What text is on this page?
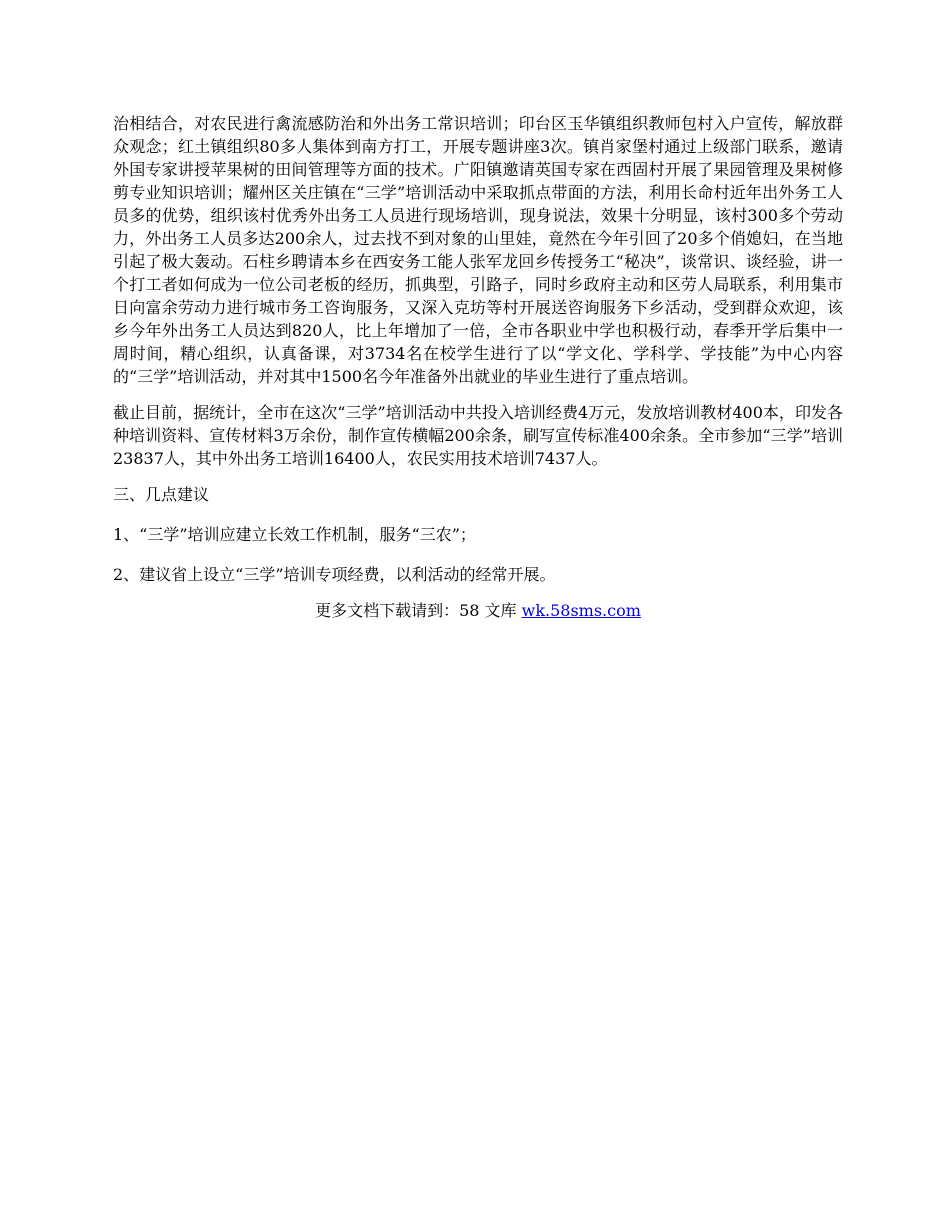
治相结合，对农民进行禽流感防治和外出务工常识培训；印台区玉华镇组织教师包村入户宣传，解放群众观念；红土镇组织80多人集体到南方打工，开展专题讲座3次。镇肖家堡村通过上级部门联系，邀请外国专家讲授苹果树的田间管理等方面的技术。广阳镇邀请英国专家在西固村开展了果园管理及果树修剪专业知识培训；耀州区关庄镇在“三学”培训活动中采取抓点带面的方法，利用长命村近年出外务工人员多的优势，组织该村优秀外出务工人员进行现场培训，现身说法，效果十分明显，该村300多个劳动力，外出务工人员多达200余人，过去找不到对象的山里娃，竟然在今年引回了20多个俏媳妇，在当地引起了极大轰动。石柱乡聘请本乡在西安务工能人张军龙回乡传授务工“秘决”，谈常识、谈经验，讲一个打工者如何成为一位公司老板的经历，抓典型，引路子，同时乡政府主动和区劳人局联系，利用集市日向富余劳动力进行城市务工咨询服务，又深入克坊等村开展送咨询服务下乡活动，受到群众欢迎，该乡今年外出务工人员达到820人，比上年增加了一倍，全市各职业中学也积极行动，春季开学后集中一周时间，精心组织，认真备课，对3734名在校学生进行了以“学文化、学科学、学技能”为中心内容的“三学”培训活动，并对其中1500名今年准备外出就业的毕业生进行了重点培训。

截止目前，据统计，全市在这次“三学”培训活动中共投入培训经费4万元，发放培训教材400本，印发各种培训资料、宣传材料3万余份，制作宣传横幅200余条，刷写宣传标准400余条。全市参加“三学”培训23837人，其中外出务工培训16400人，农民实用技术培训7437人。

三、几点建议

1、“三学”培训应建立长效工作机制，服务“三农”；

2、建议省上设立“三学”培训专项经费，以利活动的经常开展。

更多文档下载请到：58 文库 wk.58sms.com
